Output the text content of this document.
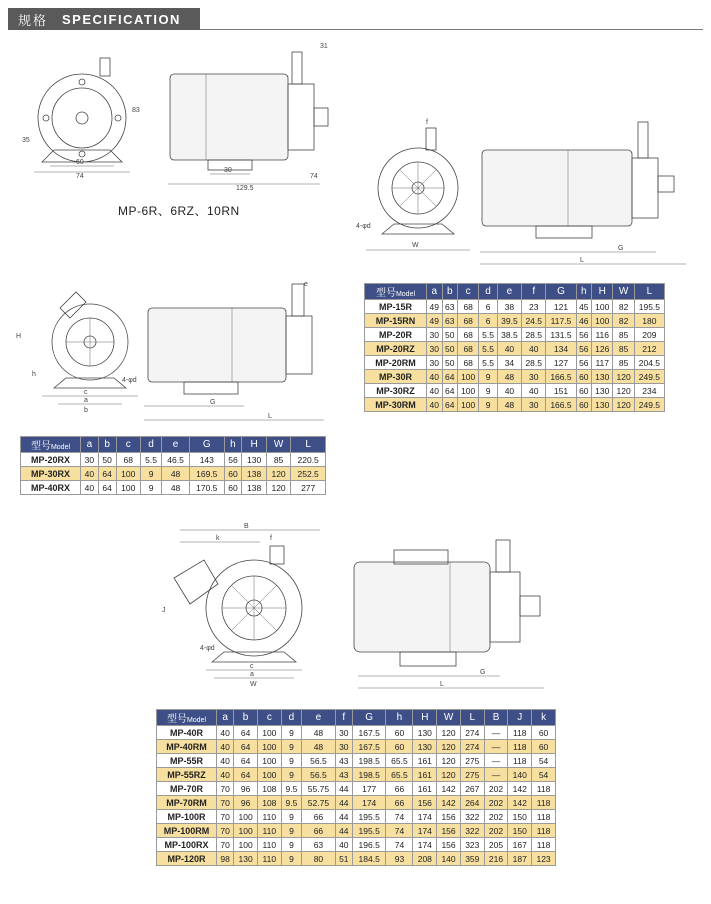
规格	SPECIFICATION
60
74
35
83
30
129.5
74
31
MP-6R、6RZ、10RN
f
4-φd
W	G
L
H
h
c
a
b
4-φd
e
G
L
B
k	f
J
4-φd
c
a
W
G
L
型号Model	a	b	c	d	e	f	G	h	H	W	L
MP-15R	49	63	68	6	38	23	121	45	100	82	195.5
MP-15RN	49	63	68	6	39.5	24.5	117.5	46	100	82	180
MP-20R	30	50	68	5.5	38.5	28.5	131.5	56	116	85	209
MP-20RZ	30	50	68	5.5	40	40	134	56	126	85	212
MP-20RM	30	50	68	5.5	34	28.5	127	56	117	85	204.5
MP-30R	40	64	100	9	48	30	166.5	60	130	120	249.5
MP-30RZ	40	64	100	9	40	40	151	60	130	120	234
MP-30RM	40	64	100	9	48	30	166.5	60	130	120	249.5
型号Model	a	b	c	d	e	G	h	H	W	L
MP-20RX	30	50	68	5.5	46.5	143	56	130	85	220.5
MP-30RX	40	64	100	9	48	169.5	60	138	120	252.5
MP-40RX	40	64	100	9	48	170.5	60	138	120	277
型号Model	a	b	c	d	e	f	G	h	H	W	L	B	J	k
MP-40R	40	64	100	9	48	30	167.5	60	130	120	274	—	118	60
MP-40RM	40	64	100	9	48	30	167.5	60	130	120	274	—	118	60
MP-55R	40	64	100	9	56.5	43	198.5	65.5	161	120	275	—	118	54
MP-55RZ	40	64	100	9	56.5	43	198.5	65.5	161	120	275	—	140	54
MP-70R	70	96	108	9.5	55.75	44	177	66	161	142	267	202	142	118
MP-70RM	70	96	108	9.5	52.75	44	174	66	156	142	264	202	142	118
MP-100R	70	100	110	9	66	44	195.5	74	174	156	322	202	150	118
MP-100RM	70	100	110	9	66	44	195.5	74	174	156	322	202	150	118
MP-100RX	70	100	110	9	63	40	196.5	74	174	156	323	205	167	118
MP-120R	98	130	110	9	80	51	184.5	93	208	140	359	216	187	123
